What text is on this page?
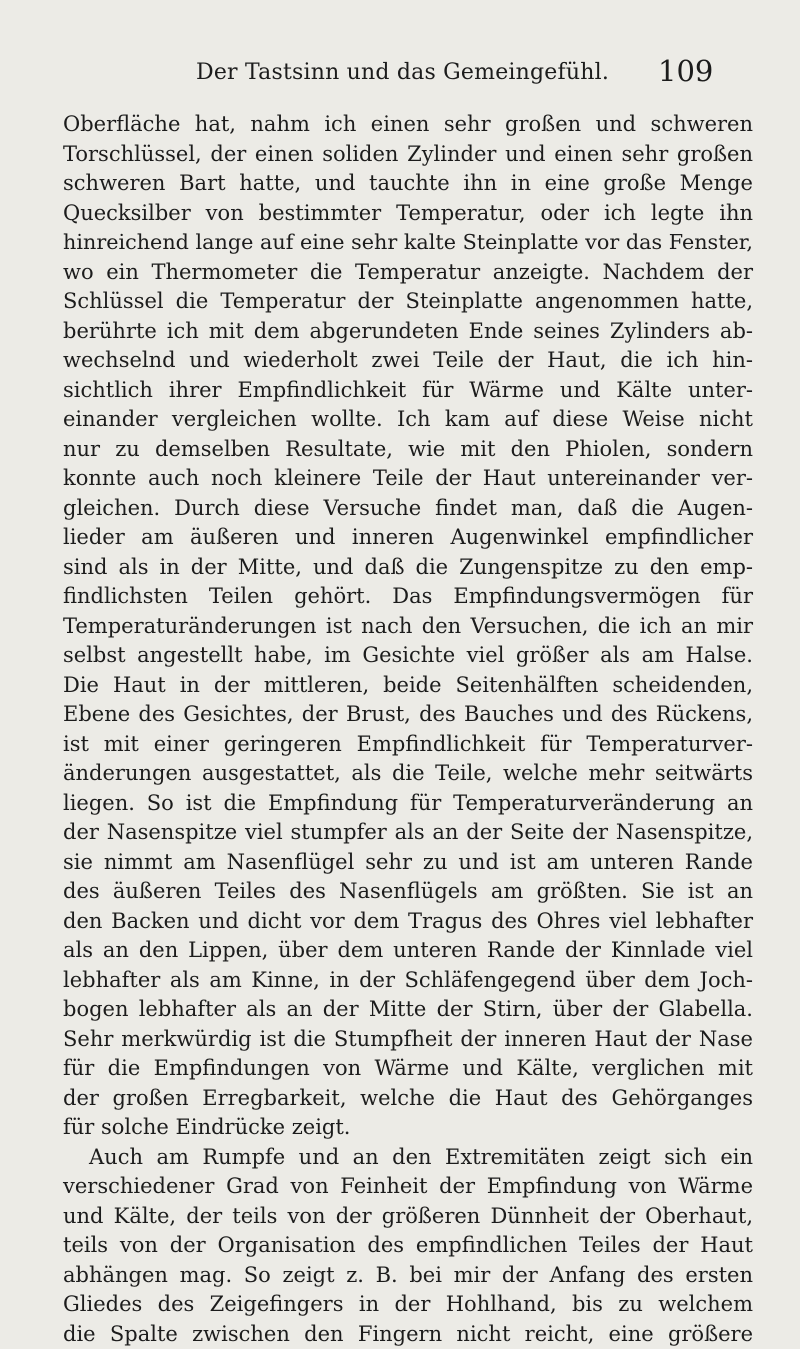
Der Tastsinn und das Gemeingefühl. 109
Oberfläche hat, nahm ich einen sehr großen und schweren
Torschlüssel, der einen soliden Zylinder und einen sehr großen
schweren Bart hatte, und tauchte ihn in eine große Menge
Quecksilber von bestimmter Temperatur, oder ich legte ihn
hinreichend lange auf eine sehr kalte Steinplatte vor das Fenster,
wo ein Thermometer die Temperatur anzeigte. Nachdem der
Schlüssel die Temperatur der Steinplatte angenommen hatte,
berührte ich mit dem abgerundeten Ende seines Zylinders ab-
wechselnd und wiederholt zwei Teile der Haut, die ich hin-
sichtlich ihrer Empfindlichkeit für Wärme und Kälte unter-
einander vergleichen wollte. Ich kam auf diese Weise nicht
nur zu demselben Resultate, wie mit den Phiolen, sondern
konnte auch noch kleinere Teile der Haut untereinander ver-
gleichen. Durch diese Versuche findet man, daß die Augen-
lieder am äußeren und inneren Augenwinkel empfindlicher
sind als in der Mitte, und daß die Zungenspitze zu den emp-
findlichsten Teilen gehört. Das Empfindungsvermögen für
Temperaturänderungen ist nach den Versuchen, die ich an mir
selbst angestellt habe, im Gesichte viel größer als am Halse.
Die Haut in der mittleren, beide Seitenhälften scheidenden,
Ebene des Gesichtes, der Brust, des Bauches und des Rückens,
ist mit einer geringeren Empfindlichkeit für Temperaturver-
änderungen ausgestattet, als die Teile, welche mehr seitwärts
liegen. So ist die Empfindung für Temperaturveränderung an
der Nasenspitze viel stumpfer als an der Seite der Nasenspitze,
sie nimmt am Nasenflügel sehr zu und ist am unteren Rande
des äußeren Teiles des Nasenflügels am größten. Sie ist an
den Backen und dicht vor dem Tragus des Ohres viel lebhafter
als an den Lippen, über dem unteren Rande der Kinnlade viel
lebhafter als am Kinne, in der Schläfengegend über dem Joch-
bogen lebhafter als an der Mitte der Stirn, über der Glabella.
Sehr merkwürdig ist die Stumpfheit der inneren Haut der Nase
für die Empfindungen von Wärme und Kälte, verglichen mit
der großen Erregbarkeit, welche die Haut des Gehörganges
für solche Eindrücke zeigt.
Auch am Rumpfe und an den Extremitäten zeigt sich ein
verschiedener Grad von Feinheit der Empfindung von Wärme
und Kälte, der teils von der größeren Dünnheit der Oberhaut,
teils von der Organisation des empfindlichen Teiles der Haut
abhängen mag. So zeigt z. B. bei mir der Anfang des ersten
Gliedes des Zeigefingers in der Hohlhand, bis zu welchem
die Spalte zwischen den Fingern nicht reicht, eine größere
